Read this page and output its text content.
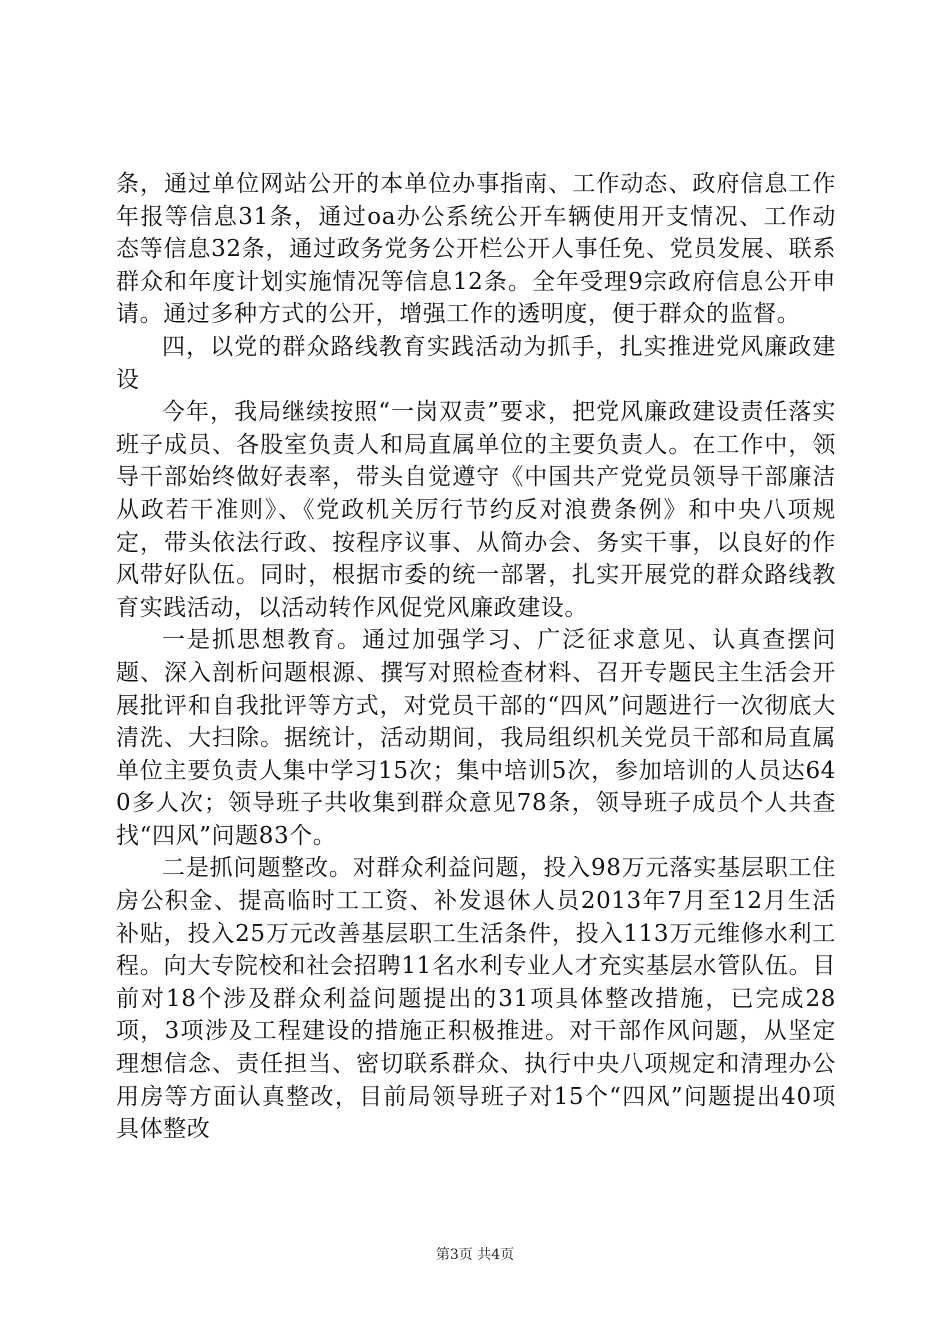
条，通过单位网站公开的本单位办事指南、工作动态、政府信息工作年报等信息31条，通过oa办公系统公开车辆使用开支情况、工作动态等信息32条，通过政务党务公开栏公开人事任免、党员发展、联系群众和年度计划实施情况等信息12条。全年受理9宗政府信息公开申请。通过多种方式的公开，增强工作的透明度，便于群众的监督。

四，以党的群众路线教育实践活动为抓手，扎实推进党风廉政建设

今年，我局继续按照“一岗双责”要求，把党风廉政建设责任落实班子成员、各股室负责人和局直属单位的主要负责人。在工作中，领导干部始终做好表率，带头自觉遵守《中国共产党党员领导干部廉洁从政若干准则》、《党政机关厉行节约反对浪费条例》和中央八项规定，带头依法行政、按程序议事、从简办会、务实干事，以良好的作风带好队伍。同时，根据市委的统一部署，扎实开展党的群众路线教育实践活动，以活动转作风促党风廉政建设。

一是抓思想教育。通过加强学习、广泛征求意见、认真查摆问题、深入剖析问题根源、撰写对照检查材料、召开专题民主生活会开展批评和自我批评等方式，对党员干部的“四风”问题进行一次彻底大清洗、大扫除。据统计，活动期间，我局组织机关党员干部和局直属单位主要负责人集中学习15次；集中培训5次，参加培训的人员达640多人次；领导班子共收集到群众意见78条，领导班子成员个人共查找“四风”问题83个。

二是抓问题整改。对群众利益问题，投入98万元落实基层职工住房公积金、提高临时工工资、补发退休人员2013年7月至12月生活补贴，投入25万元改善基层职工生活条件，投入113万元维修水利工程。向大专院校和社会招聘11名水利专业人才充实基层水管队伍。目前对18个涉及群众利益问题提出的31项具体整改措施，已完成28项，3项涉及工程建设的措施正积极推进。对干部作风问题，从坚定理想信念、责任担当、密切联系群众、执行中央八项规定和清理办公用房等方面认真整改，目前局领导班子对15个“四风”问题提出40项具体整改

第3页 共4页
